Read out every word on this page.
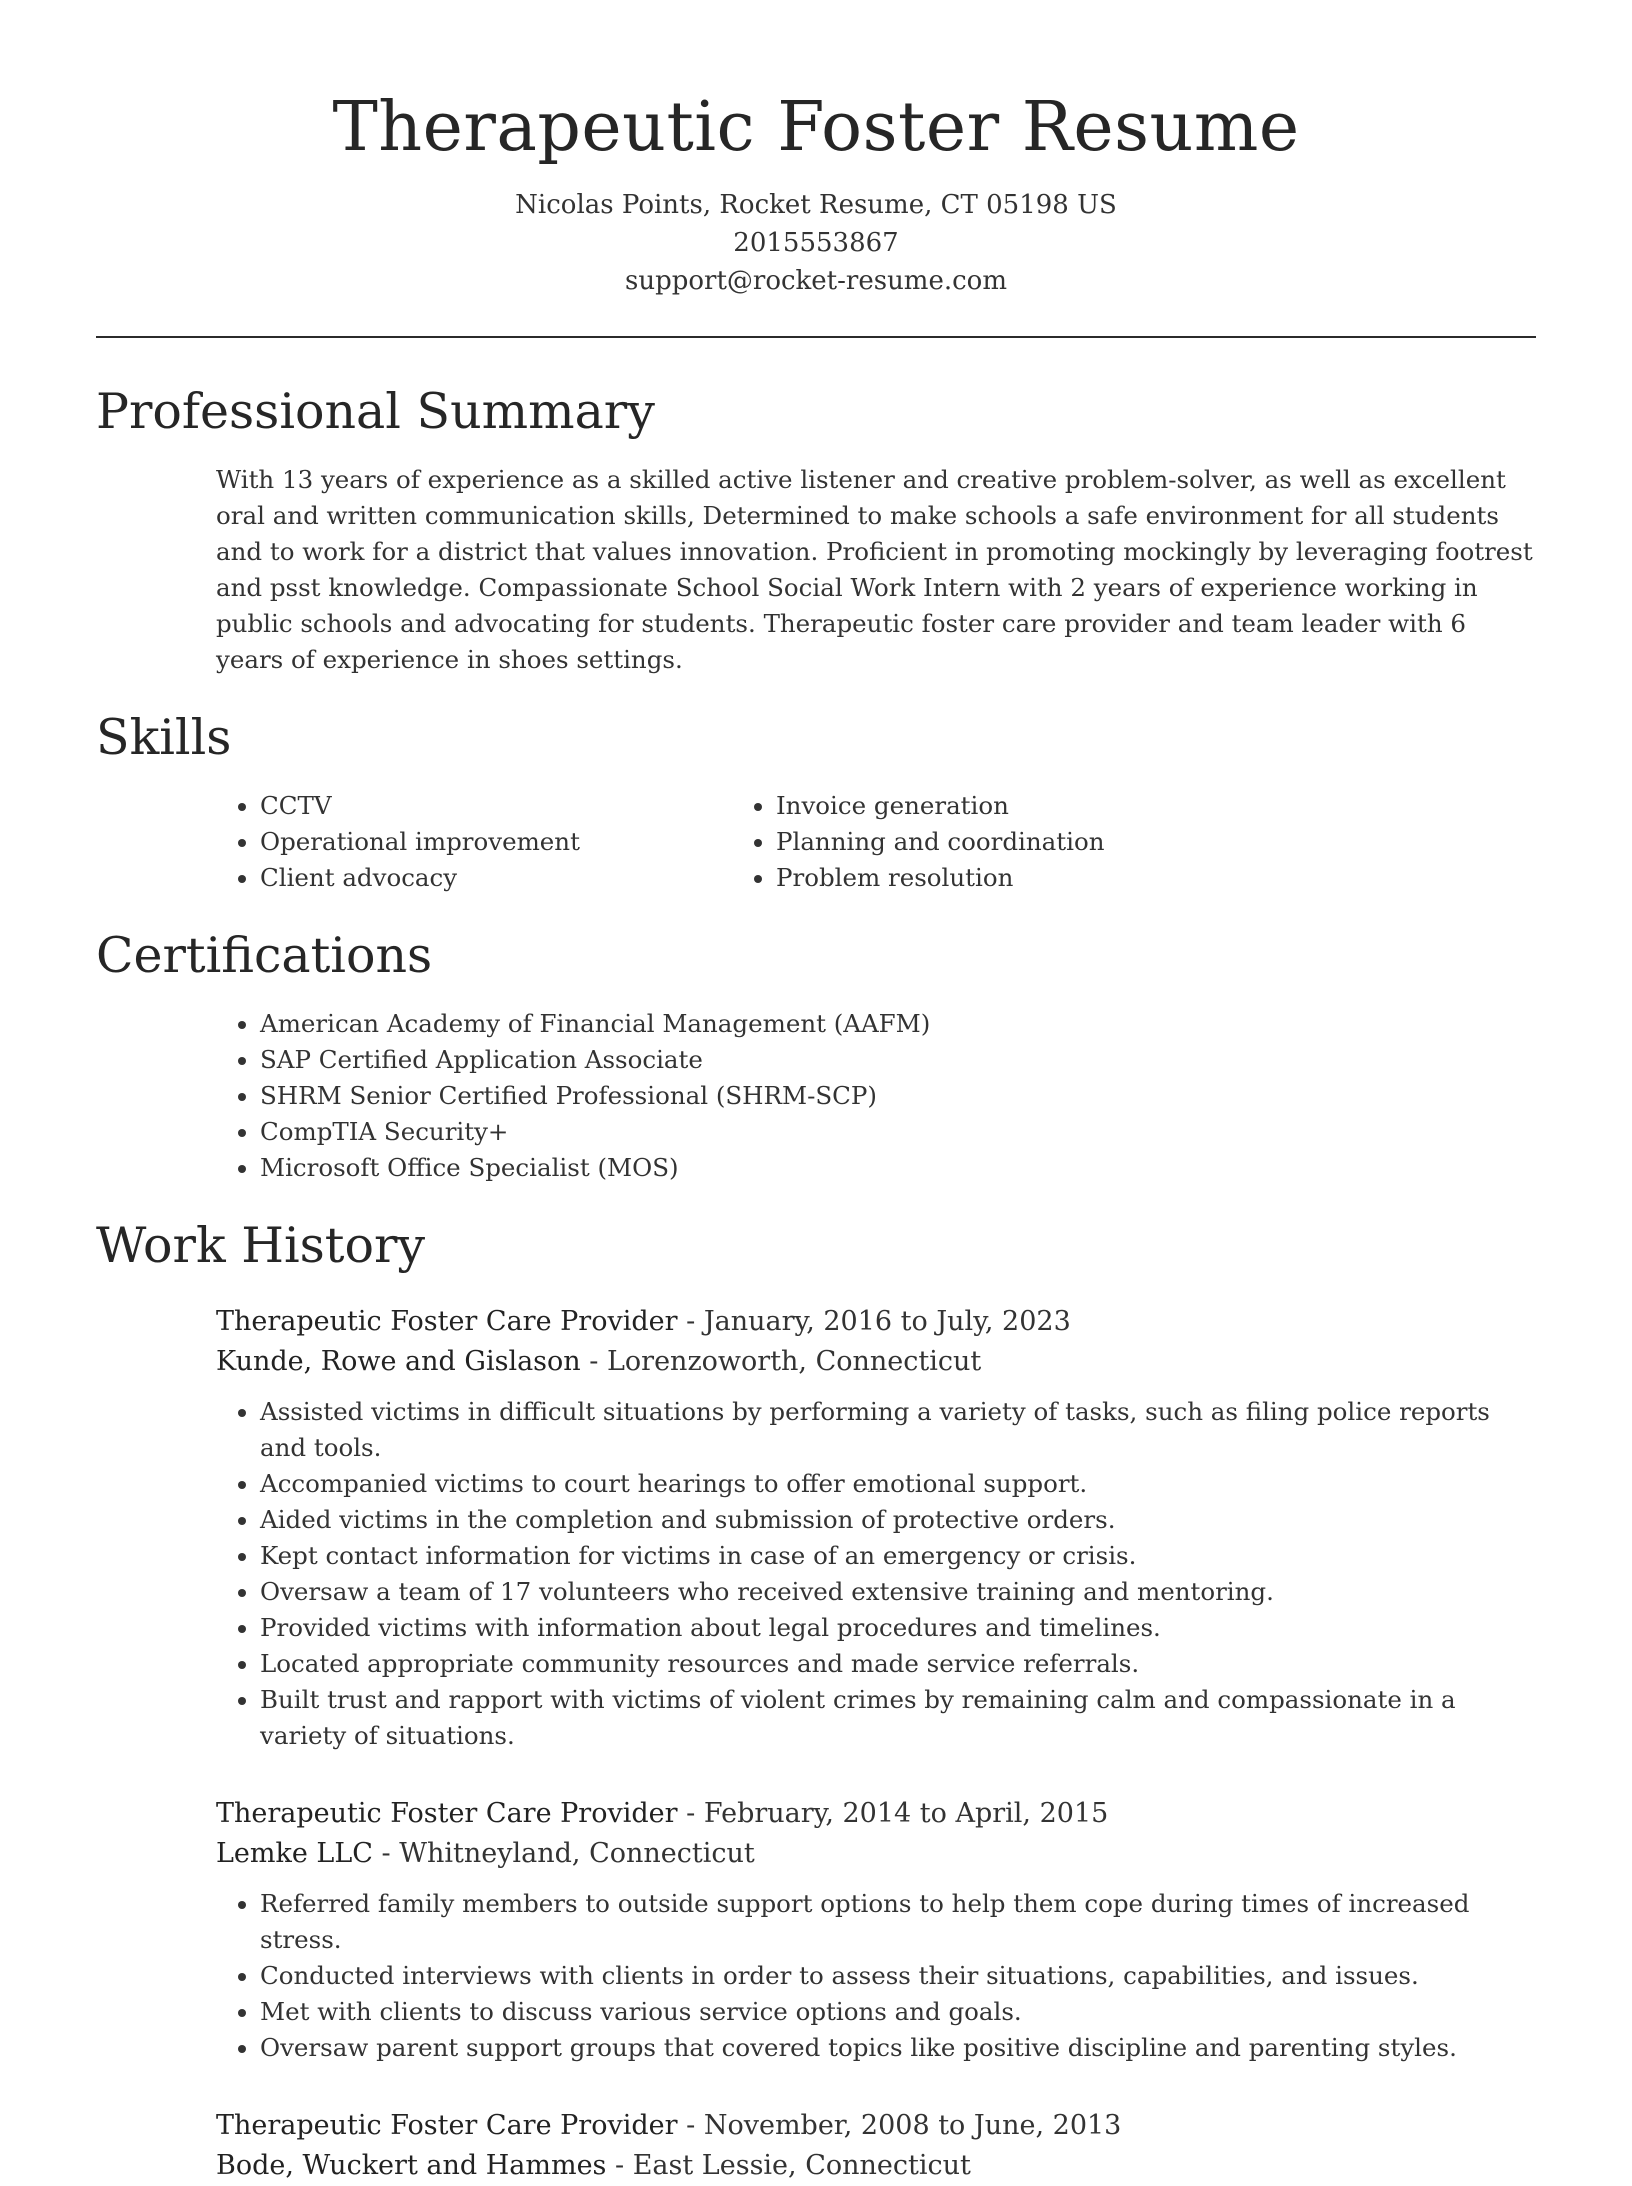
Therapeutic Foster Resume

Nicolas Points, Rocket Resume, CT 05198 US

2015553867

support@rocket-resume.com

Professional Summary

With 13 years of experience as a skilled active listener and creative problem-solver, as well as excellent oral and written communication skills, Determined to make schools a safe environment for all students and to work for a district that values innovation. Proficient in promoting mockingly by leveraging footrest and psst knowledge. Compassionate School Social Work Intern with 2 years of experience working in public schools and advocating for students. Therapeutic foster care provider and team leader with 6 years of experience in shoes settings.

Skills
• CCTV
• Operational improvement
• Client advocacy
• Invoice generation
• Planning and coordination
• Problem resolution
Certifications
• American Academy of Financial Management (AAFM)
• SAP Certified Application Associate
• SHRM Senior Certified Professional (SHRM-SCP)
• CompTIA Security+
• Microsoft Office Specialist (MOS)
Work History

Therapeutic Foster Care Provider - January, 2016 to July, 2023

Kunde, Rowe and Gislason - Lorenzoworth, Connecticut

• Assisted victims in difficult situations by performing a variety of tasks, such as filing police reports and tools.
• Accompanied victims to court hearings to offer emotional support.
• Aided victims in the completion and submission of protective orders.
• Kept contact information for victims in case of an emergency or crisis.
• Oversaw a team of 17 volunteers who received extensive training and mentoring.
• Provided victims with information about legal procedures and timelines.
• Located appropriate community resources and made service referrals.
• Built trust and rapport with victims of violent crimes by remaining calm and compassionate in a variety of situations.

Therapeutic Foster Care Provider - February, 2014 to April, 2015

Lemke LLC - Whitneyland, Connecticut

• Referred family members to outside support options to help them cope during times of increased stress.
• Conducted interviews with clients in order to assess their situations, capabilities, and issues.
• Met with clients to discuss various service options and goals.
• Oversaw parent support groups that covered topics like positive discipline and parenting styles.

Therapeutic Foster Care Provider - November, 2008 to June, 2013

Bode, Wuckert and Hammes - East Lessie, Connecticut
